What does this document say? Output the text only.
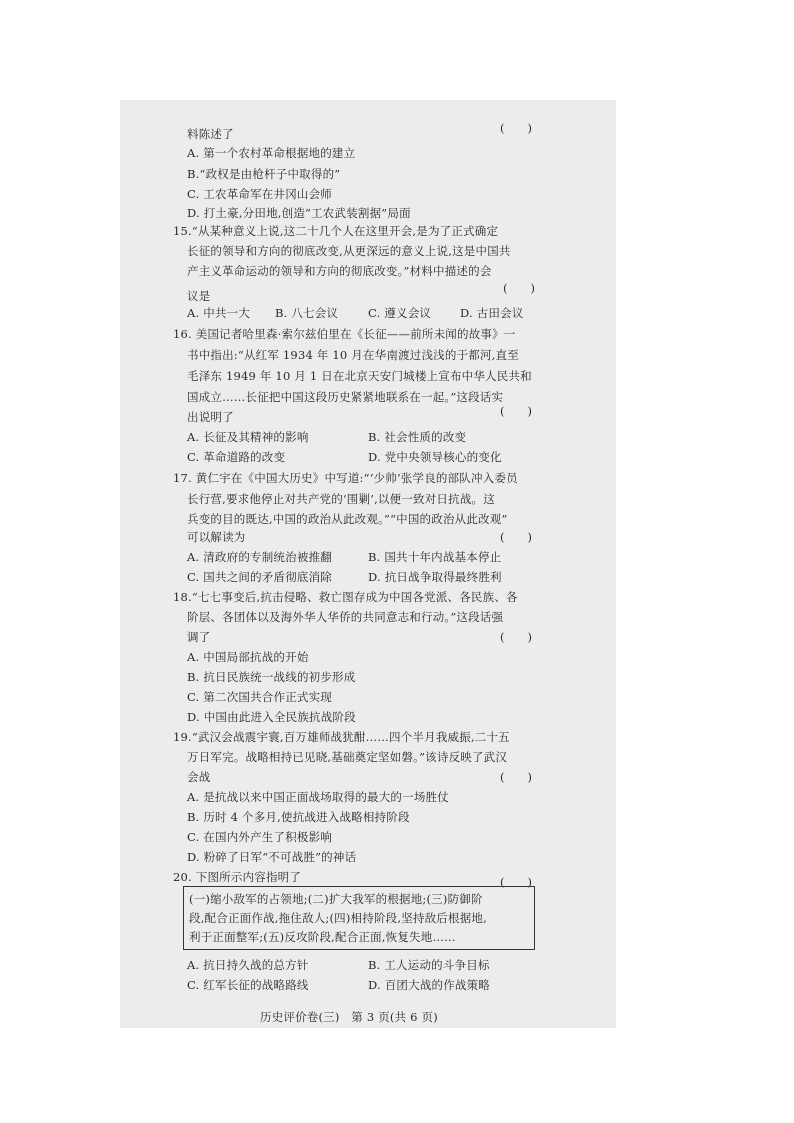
料陈述了	(　　)
A. 第一个农村革命根据地的建立
B.“政权是由枪杆子中取得的”
C. 工农革命军在井冈山会师
D. 打土豪,分田地,创造“工农武装割据”局面
15.“从某种意义上说,这二十几个人在这里开会,是为了正式确定
长征的领导和方向的彻底改变,从更深远的意义上说,这是中国共
产主义革命运动的领导和方向的彻底改变。”材料中描述的会
(　　)
议是
A. 中共一大 B. 八七会议	C. 遵义会议	D. 古田会议
16. 美国记者哈里森·索尔兹伯里在《长征——前所未闻的故事》一
书中指出:“从红军 1934 年 10 月在华南渡过浅浅的于都河,直至
毛泽东 1949 年 10 月 1 日在北京天安门城楼上宣布中华人民共和
国成立……长征把中国这段历史紧紧地联系在一起。”这段话实
(　　)
出说明了
A. 长征及其精神的影响	B. 社会性质的改变
C. 革命道路的改变	D. 党中央领导核心的变化
17. 黄仁宇在《中国大历史》中写道:“‘少帅’张学良的部队冲入委员
长行营,要求他停止对共产党的‘围剿’,以便一致对日抗战。这
兵变的目的既达,中国的政治从此改观。”“中国的政治从此改观”
可以解读为	(　　)
A. 清政府的专制统治被推翻	B. 国共十年内战基本停止
C. 国共之间的矛盾彻底消除	D. 抗日战争取得最终胜利
18.“七七事变后,抗击侵略、救亡图存成为中国各党派、各民族、各
阶层、各团体以及海外华人华侨的共同意志和行动。”这段话强
(　　)
调了
A. 中国局部抗战的开始
B. 抗日民族统一战线的初步形成
C. 第二次国共合作正式实现
D. 中国由此进入全民族抗战阶段
19.“武汉会战震宇寰,百万雄师战犹酣……四个半月我威振,二十五
万日军完。战略相持已见晓,基础奠定坚如磐。”该诗反映了武汉
(　　)
会战
A. 是抗战以来中国正面战场取得的最大的一场胜仗
B. 历时 4 个多月,使抗战进入战略相持阶段
C. 在国内外产生了积极影响
D. 粉碎了日军“不可战胜”的神话
20. 下图所示内容指明了	(　　)
(一)缩小敌军的占领地;(二)扩大我军的根据地;(三)防御阶
段,配合正面作战,拖住敌人;(四)相持阶段,坚持敌后根据地,
利于正面整军;(五)反攻阶段,配合正面,恢复失地……
A. 抗日持久战的总方针	B. 工人运动的斗争目标
C. 红军长征的战略路线	D. 百团大战的作战策略
历史评价卷(三)　第 3 页(共 6 页)
